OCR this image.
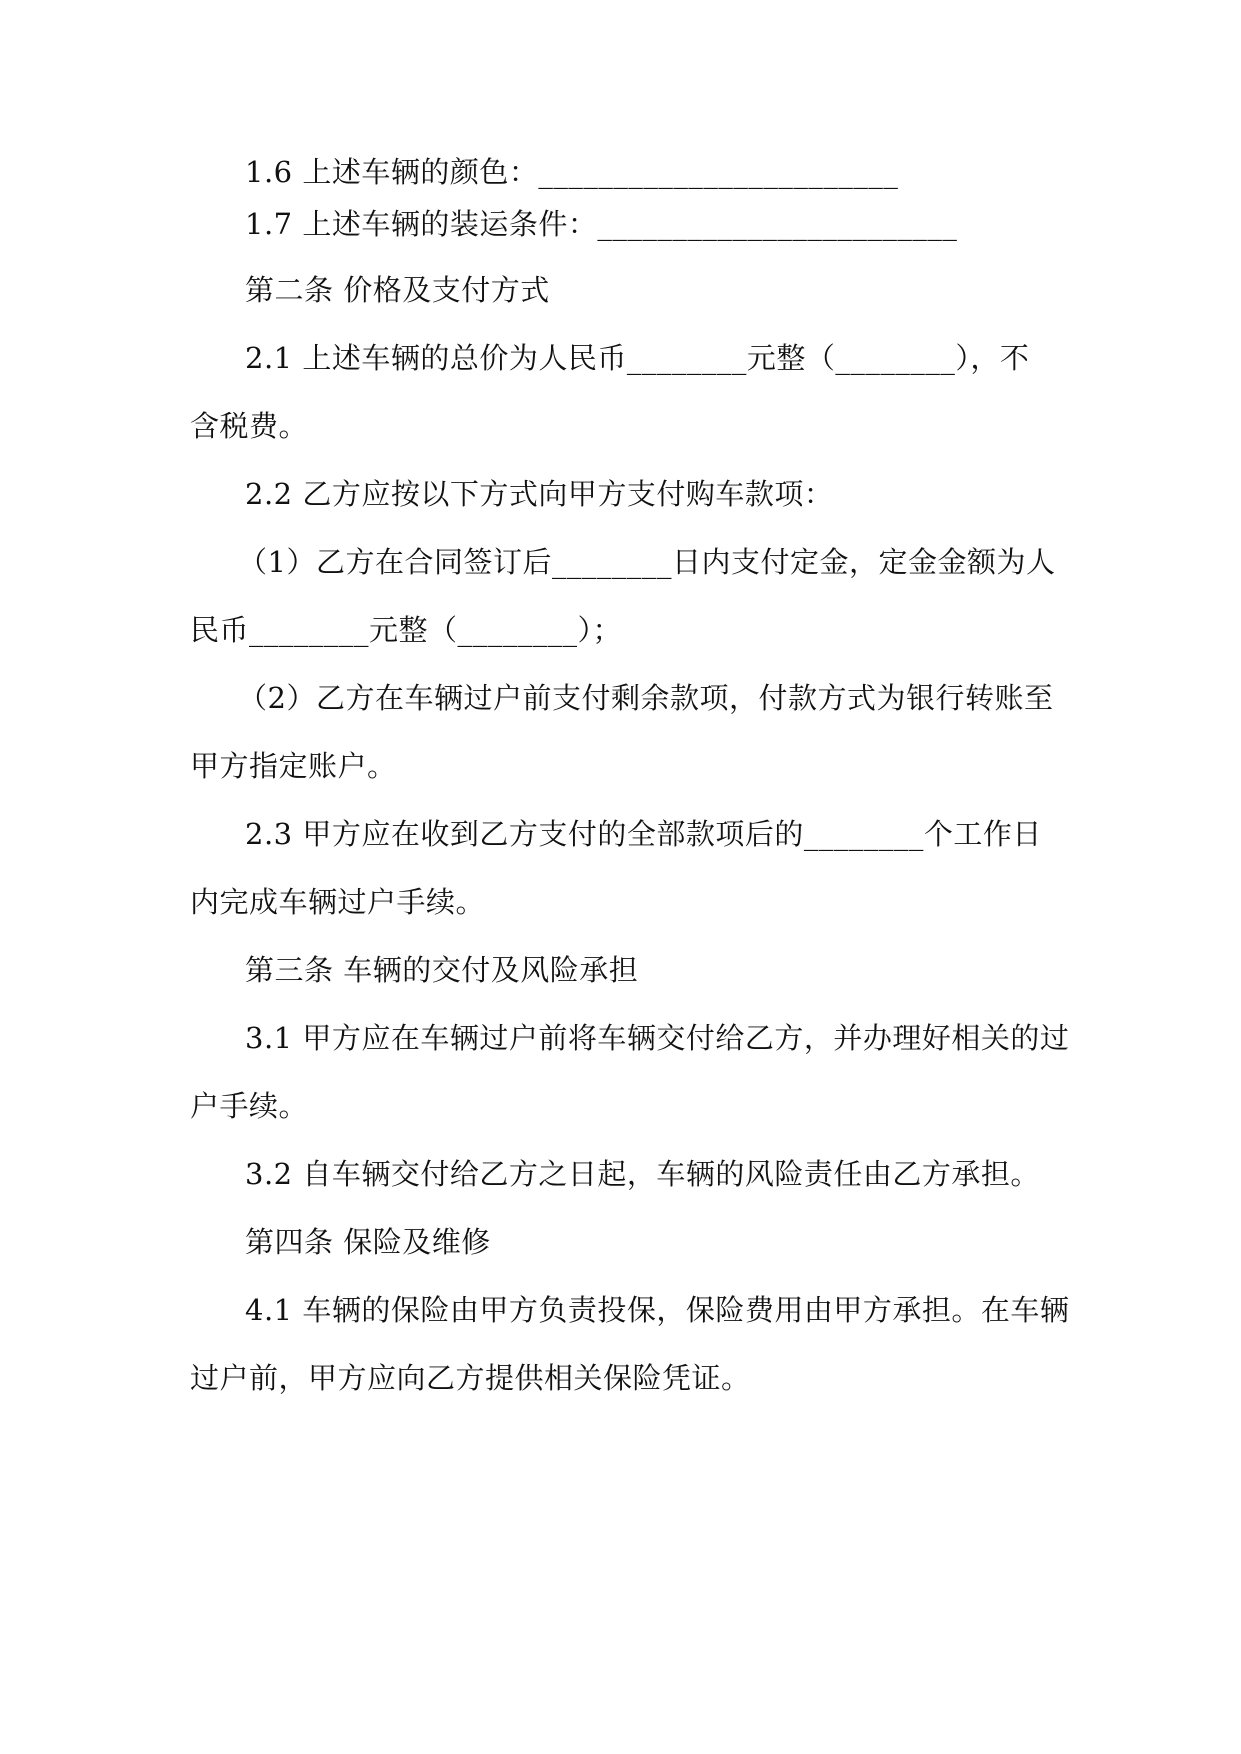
1.6 上述车辆的颜色：________________________
1.7 上述车辆的装运条件：________________________
第二条 价格及支付方式
2.1 上述车辆的总价为人民币________元整（________），不
含税费。
2.2 乙方应按以下方式向甲方支付购车款项：
（1）乙方在合同签订后________日内支付定金，定金金额为人
民币________元整（________）；
（2）乙方在车辆过户前支付剩余款项，付款方式为银行转账至
甲方指定账户。
2.3 甲方应在收到乙方支付的全部款项后的________个工作日
内完成车辆过户手续。
第三条 车辆的交付及风险承担
3.1 甲方应在车辆过户前将车辆交付给乙方，并办理好相关的过
户手续。
3.2 自车辆交付给乙方之日起，车辆的风险责任由乙方承担。
第四条 保险及维修
4.1 车辆的保险由甲方负责投保，保险费用由甲方承担。在车辆
过户前，甲方应向乙方提供相关保险凭证。
